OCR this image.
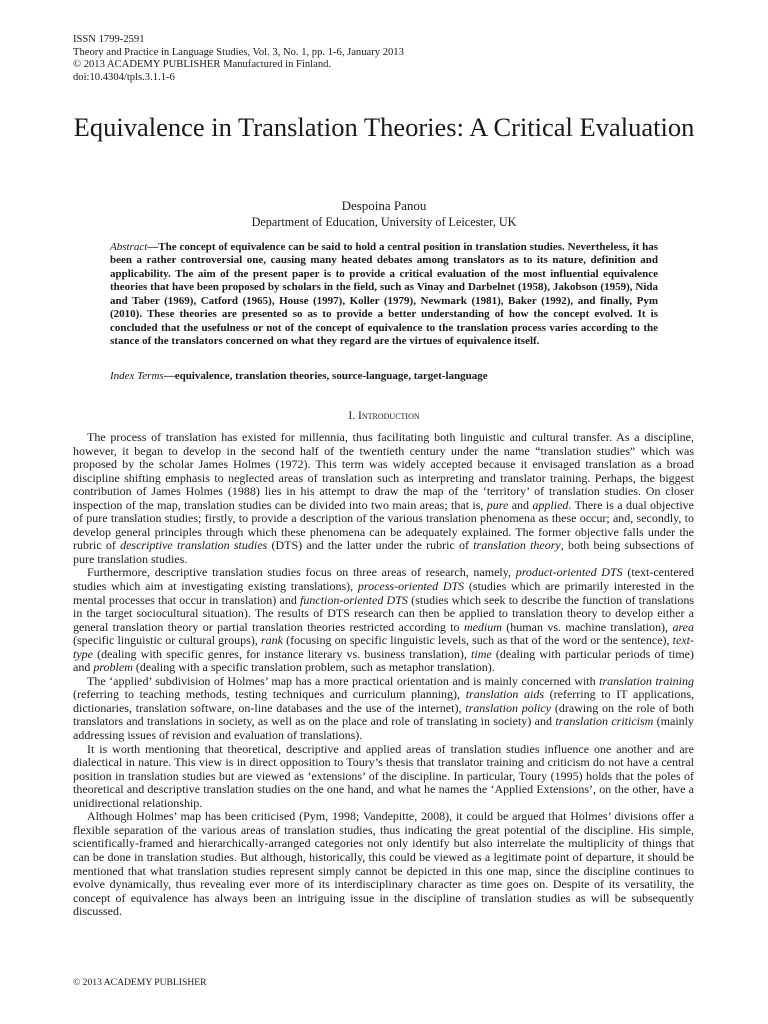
ISSN 1799-2591
Theory and Practice in Language Studies, Vol. 3, No. 1, pp. 1-6, January 2013
© 2013 ACADEMY PUBLISHER Manufactured in Finland.
doi:10.4304/tpls.3.1.1-6
Equivalence in Translation Theories: A Critical Evaluation
Despoina Panou
Department of Education, University of Leicester, UK
Abstract—The concept of equivalence can be said to hold a central position in translation studies. Nevertheless, it has been a rather controversial one, causing many heated debates among translators as to its nature, definition and applicability. The aim of the present paper is to provide a critical evaluation of the most influential equivalence theories that have been proposed by scholars in the field, such as Vinay and Darbelnet (1958), Jakobson (1959), Nida and Taber (1969), Catford (1965), House (1997), Koller (1979), Newmark (1981), Baker (1992), and finally, Pym (2010). These theories are presented so as to provide a better understanding of how the concept evolved. It is concluded that the usefulness or not of the concept of equivalence to the translation process varies according to the stance of the translators concerned on what they regard are the virtues of equivalence itself.
Index Terms—equivalence, translation theories, source-language, target-language
I. Introduction

The process of translation has existed for millennia, thus facilitating both linguistic and cultural transfer. As a discipline, however, it began to develop in the second half of the twentieth century under the name “translation studies” which was proposed by the scholar James Holmes (1972). This term was widely accepted because it envisaged translation as a broad discipline shifting emphasis to neglected areas of translation such as interpreting and translator training. Perhaps, the biggest contribution of James Holmes (1988) lies in his attempt to draw the map of the ‘territory’ of translation studies. On closer inspection of the map, translation studies can be divided into two main areas; that is, pure and applied. There is a dual objective of pure translation studies; firstly, to provide a description of the various translation phenomena as these occur; and, secondly, to develop general principles through which these phenomena can be adequately explained. The former objective falls under the rubric of descriptive translation studies (DTS) and the latter under the rubric of translation theory, both being subsections of pure translation studies.

Furthermore, descriptive translation studies focus on three areas of research, namely, product-oriented DTS (text-centered studies which aim at investigating existing translations), process-oriented DTS (studies which are primarily interested in the mental processes that occur in translation) and function-oriented DTS (studies which seek to describe the function of translations in the target sociocultural situation). The results of DTS research can then be applied to translation theory to develop either a general translation theory or partial translation theories restricted according to medium (human vs. machine translation), area (specific linguistic or cultural groups), rank (focusing on specific linguistic levels, such as that of the word or the sentence), text-type (dealing with specific genres, for instance literary vs. business translation), time (dealing with particular periods of time) and problem (dealing with a specific translation problem, such as metaphor translation).

The ‘applied’ subdivision of Holmes’ map has a more practical orientation and is mainly concerned with translation training (referring to teaching methods, testing techniques and curriculum planning), translation aids (referring to IT applications, dictionaries, translation software, on-line databases and the use of the internet), translation policy (drawing on the role of both translators and translations in society, as well as on the place and role of translating in society) and translation criticism (mainly addressing issues of revision and evaluation of translations).

It is worth mentioning that theoretical, descriptive and applied areas of translation studies influence one another and are dialectical in nature. This view is in direct opposition to Toury’s thesis that translator training and criticism do not have a central position in translation studies but are viewed as ‘extensions’ of the discipline. In particular, Toury (1995) holds that the poles of theoretical and descriptive translation studies on the one hand, and what he names the ‘Applied Extensions’, on the other, have a unidirectional relationship.

Although Holmes’ map has been criticised (Pym, 1998; Vandepitte, 2008), it could be argued that Holmes’ divisions offer a flexible separation of the various areas of translation studies, thus indicating the great potential of the discipline. His simple, scientifically-framed and hierarchically-arranged categories not only identify but also interrelate the multiplicity of things that can be done in translation studies. But although, historically, this could be viewed as a legitimate point of departure, it should be mentioned that what translation studies represent simply cannot be depicted in this one map, since the discipline continues to evolve dynamically, thus revealing ever more of its interdisciplinary character as time goes on. Despite of its versatility, the concept of equivalence has always been an intriguing issue in the discipline of translation studies as will be subsequently discussed.

© 2013 ACADEMY PUBLISHER
